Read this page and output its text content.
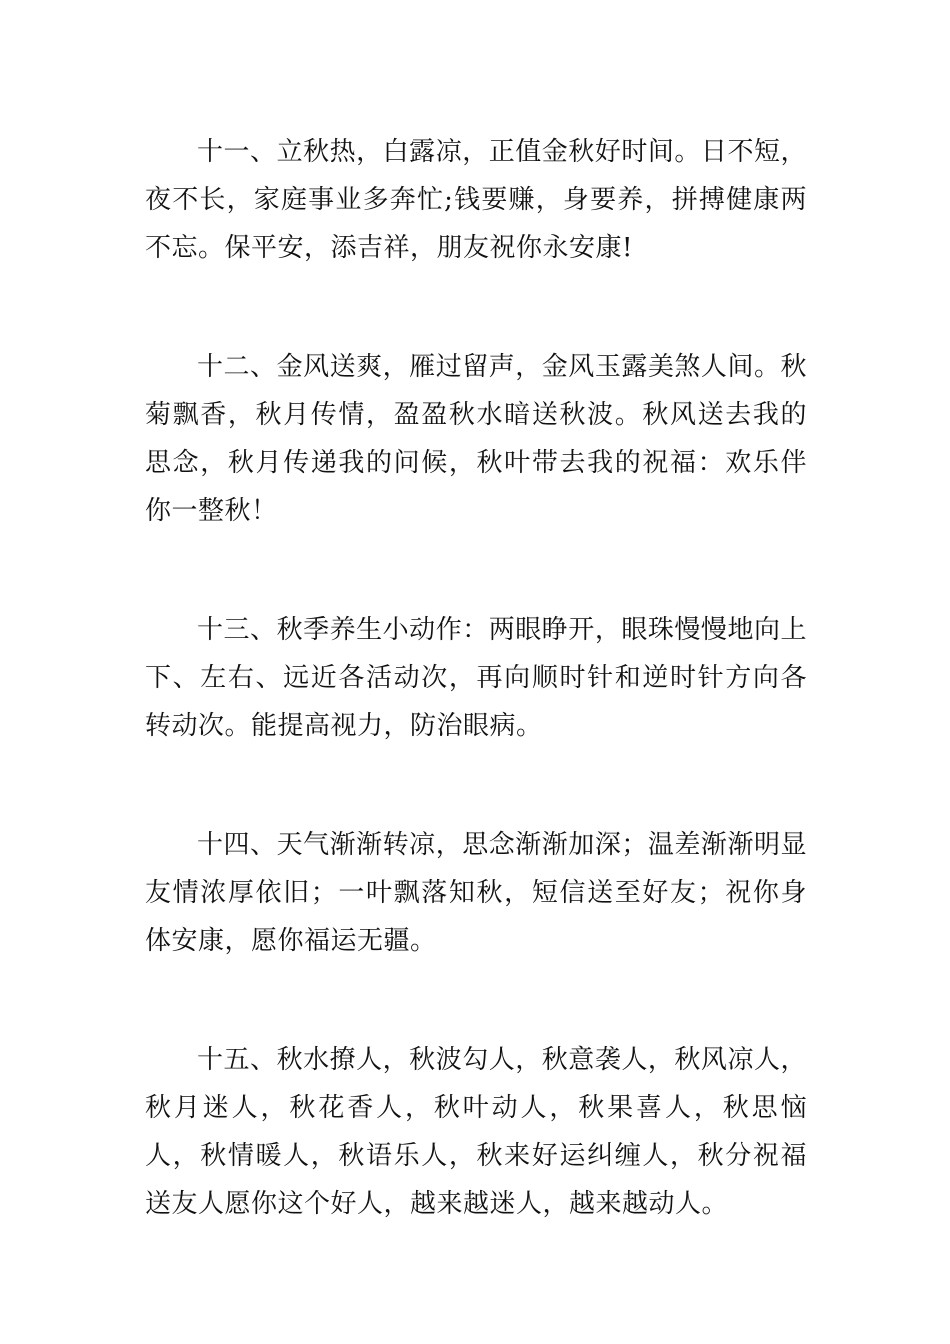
十一、立秋热，白露凉，正值金秋好时间。日不短，夜不长，家庭事业多奔忙;钱要赚，身要养，拼搏健康两不忘。保平安，添吉祥，朋友祝你永安康!

十二、金风送爽，雁过留声，金风玉露美煞人间。秋菊飘香，秋月传情，盈盈秋水暗送秋波。秋风送去我的思念，秋月传递我的问候，秋叶带去我的祝福：欢乐伴你一整秋！

十三、秋季养生小动作：两眼睁开，眼珠慢慢地向上下、左右、远近各活动次，再向顺时针和逆时针方向各转动次。能提高视力，防治眼病。

十四、天气渐渐转凉，思念渐渐加深；温差渐渐明显友情浓厚依旧；一叶飘落知秋，短信送至好友；祝你身体安康，愿你福运无疆。

十五、秋水撩人，秋波勾人，秋意袭人，秋风凉人，秋月迷人，秋花香人，秋叶动人，秋果喜人，秋思恼人，秋情暖人，秋语乐人，秋来好运纠缠人，秋分祝福送友人愿你这个好人，越来越迷人，越来越动人。
